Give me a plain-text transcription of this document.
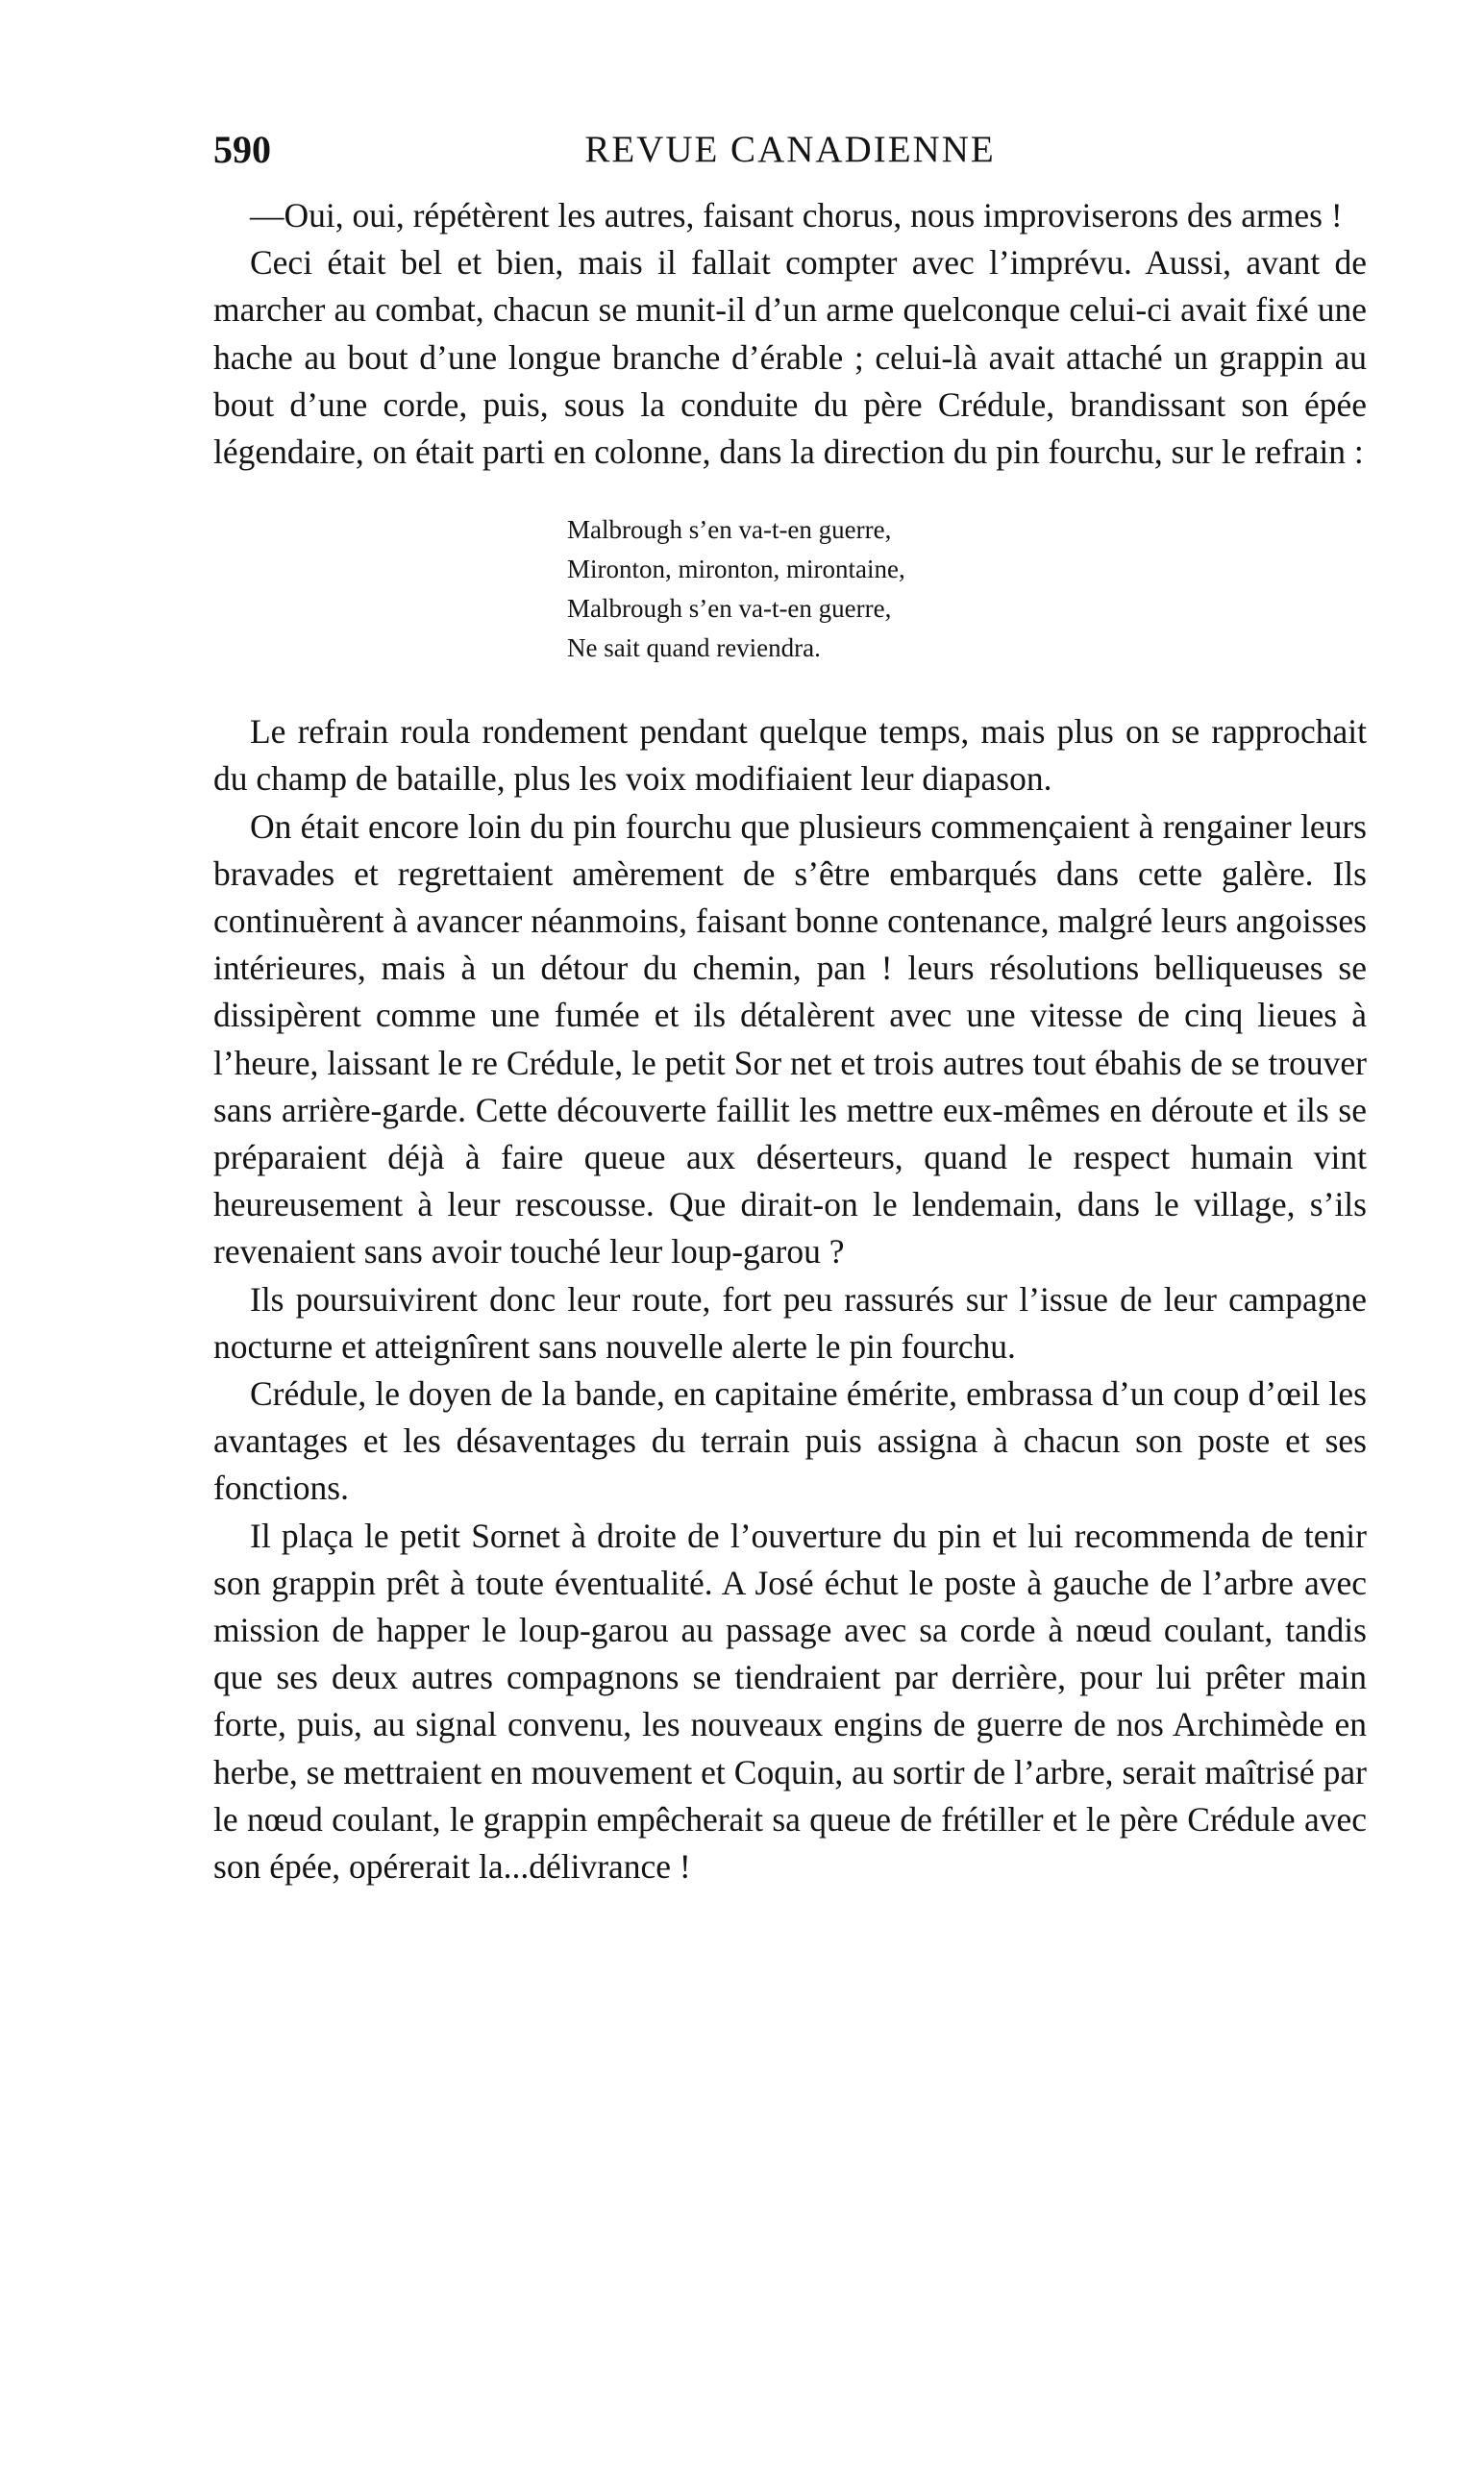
590	REVUE CANADIENNE

—Oui, oui, répétèrent les autres, faisant chorus, nous improviserons des armes !

Ceci était bel et bien, mais il fallait compter avec l’imprévu. Aussi, avant de marcher au combat, chacun se munit-il d’un arme quelconque celui-ci avait fixé une hache au bout d’une longue branche d’érable ; celui-là avait attaché un grappin au bout d’une corde, puis, sous la conduite du père Crédule, brandissant son épée légendaire, on était parti en colonne, dans la direction du pin fourchu, sur le refrain :

Malbrough s’en va-t-en guerre,
Mironton, mironton, mirontaine,
Malbrough s’en va-t-en guerre,
Ne sait quand reviendra.

Le refrain roula rondement pendant quelque temps, mais plus on se rapprochait du champ de bataille, plus les voix modifiaient leur diapason.

On était encore loin du pin fourchu que plusieurs commençaient à rengainer leurs bravades et regrettaient amèrement de s’être embarqués dans cette galère. Ils continuèrent à avancer néanmoins, faisant bonne contenance, malgré leurs angoisses intérieures, mais à un détour du chemin, pan ! leurs résolutions belliqueuses se dissipèrent comme une fumée et ils détalèrent avec une vitesse de cinq lieues à l’heure, laissant le re Crédule, le petit Sor net et trois autres tout ébahis de se trouver sans arrière-garde. Cette découverte faillit les mettre eux-mêmes en déroute et ils se préparaient déjà à faire queue aux déserteurs, quand le respect humain vint heureusement à leur rescousse. Que dirait-on le lendemain, dans le village, s’ils revenaient sans avoir touché leur loup-garou ?

Ils poursuivirent donc leur route, fort peu rassurés sur l’issue de leur campagne nocturne et atteignîrent sans nouvelle alerte le pin fourchu.

Crédule, le doyen de la bande, en capitaine émérite, embrassa d’un coup d’œil les avantages et les désaventages du terrain puis assigna à chacun son poste et ses fonctions.

Il plaça le petit Sornet à droite de l’ouverture du pin et lui recommenda de tenir son grappin prêt à toute éventualité. A José échut le poste à gauche de l’arbre avec mission de happer le loup-garou au passage avec sa corde à nœud coulant, tandis que ses deux autres compagnons se tiendraient par derrière, pour lui prêter main forte, puis, au signal convenu, les nouveaux engins de guerre de nos Archimède en herbe, se mettraient en mouvement et Coquin, au sortir de l’arbre, serait maîtrisé par le nœud coulant, le grappin empêcherait sa queue de frétiller et le père Crédule avec son épée, opérerait la...délivrance !
